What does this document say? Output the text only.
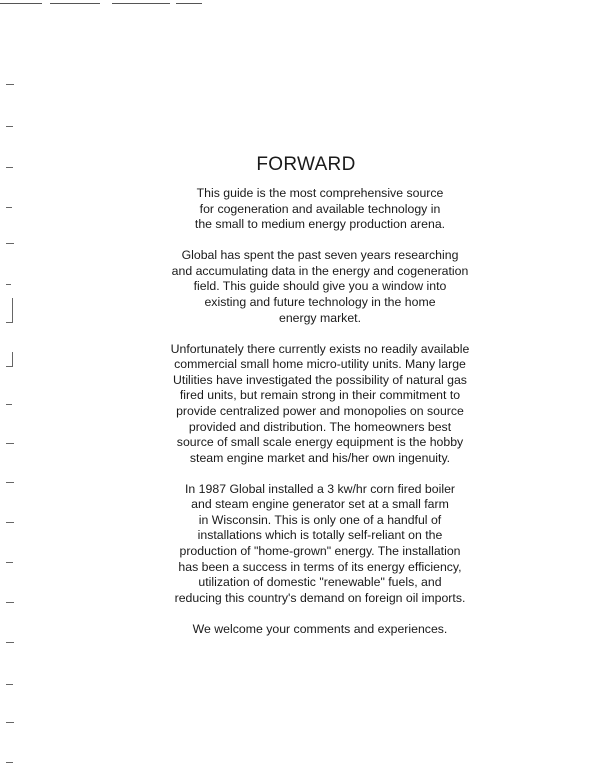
FORWARD

This guide is the most comprehensive source
for cogeneration and available technology in
the small to medium energy production arena.

Global has spent the past seven years researching
and accumulating data in the energy and cogeneration
field. This guide should give you a window into
existing and future technology in the home
energy market.

Unfortunately there currently exists no readily available
commercial small home micro-utility units. Many large
Utilities have investigated the possibility of natural gas
fired units, but remain strong in their commitment to
provide centralized power and monopolies on source
provided and distribution. The homeowners best
source of small scale energy equipment is the hobby
steam engine market and his/her own ingenuity.

In 1987 Global installed a 3 kw/hr corn fired boiler
and steam engine generator set at a small farm
in Wisconsin. This is only one of a handful of
installations which is totally self-reliant on the
production of "home-grown" energy. The installation
has been a success in terms of its energy efficiency,
utilization of domestic "renewable" fuels, and
reducing this country's demand on foreign oil imports.

We welcome your comments and experiences.
